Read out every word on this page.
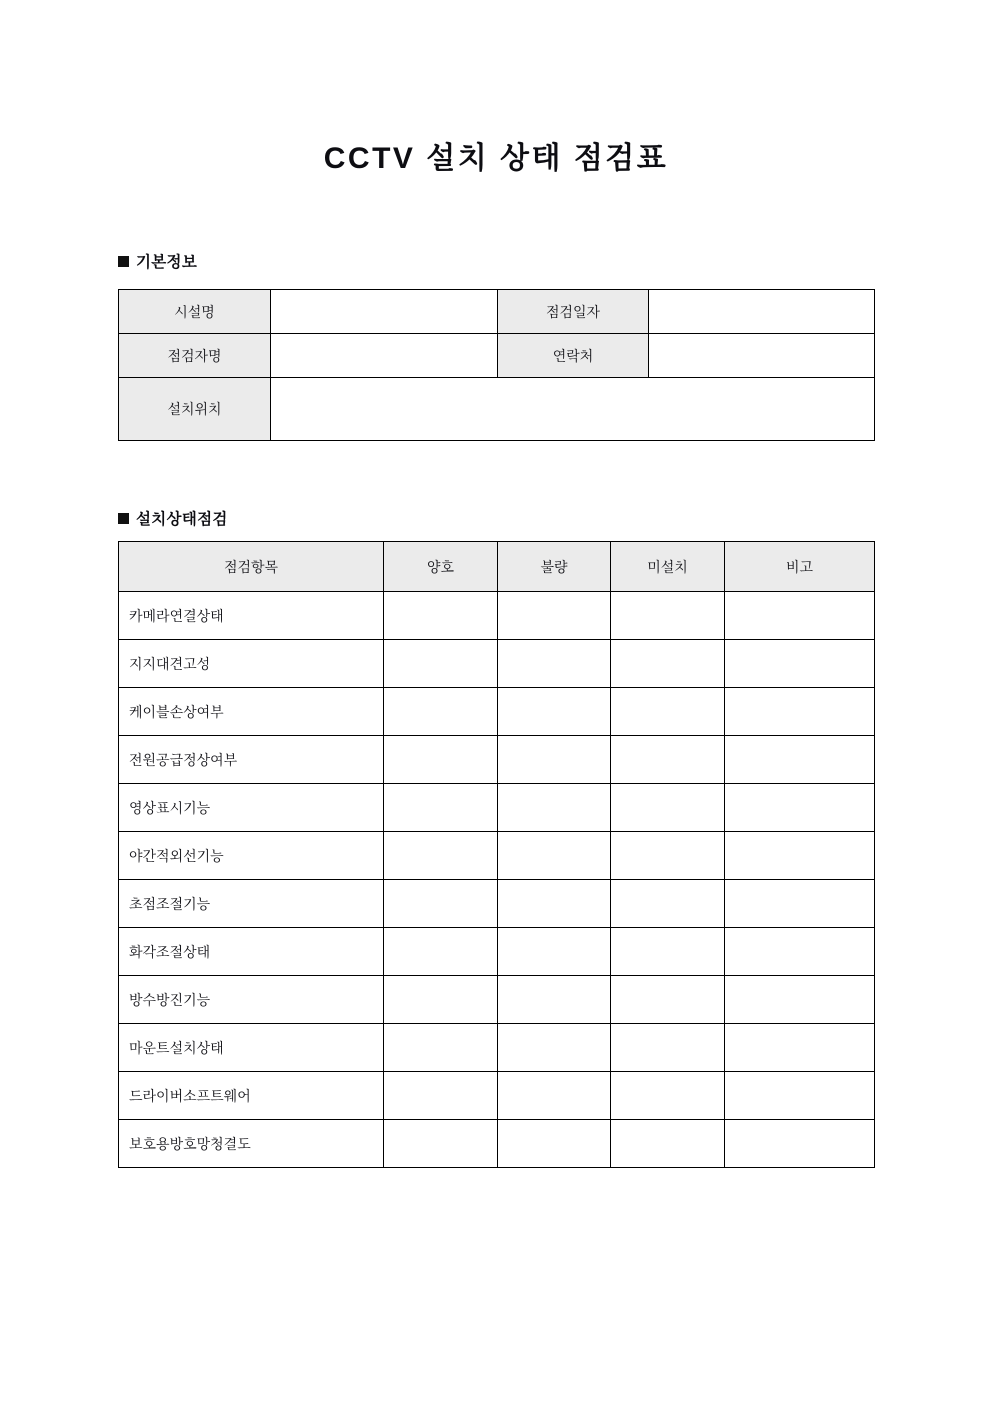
CCTV 설치 상태 점검표
기본정보
시설명		점검일자	
점검자명		연락처	
설치위치			
설치상태점검
점검항목	양호	불량	미설치	비고
카메라연결상태				
지지대견고성				
케이블손상여부				
전원공급정상여부				
영상표시기능				
야간적외선기능				
초점조절기능				
화각조절상태				
방수방진기능				
마운트설치상태				
드라이버소프트웨어				
보호용방호망청결도				
